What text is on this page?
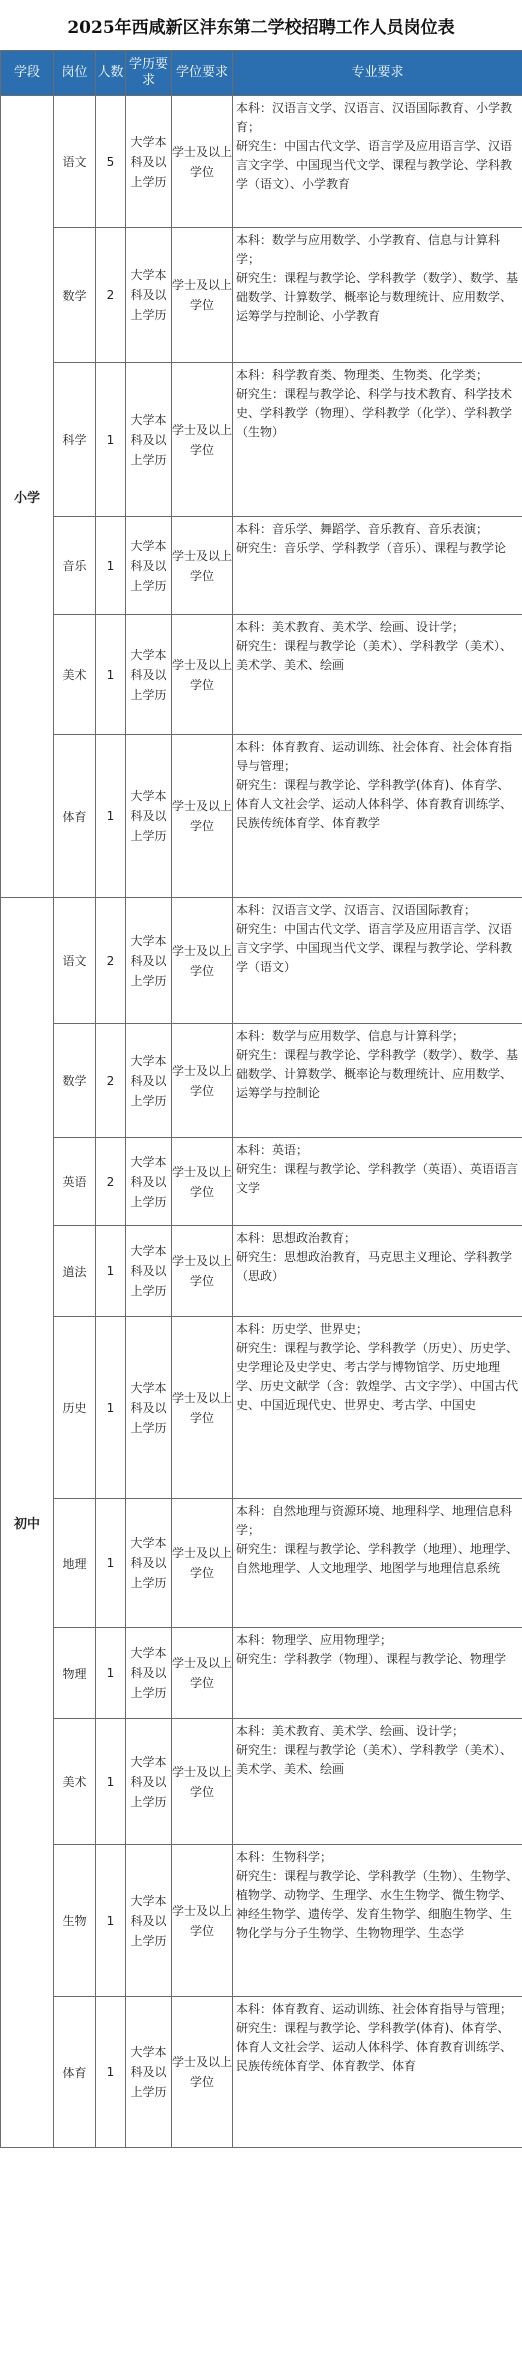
2025年西咸新区沣东第二学校招聘工作人员岗位表
学段	岗位	人数	学历要求	学位要求	专业要求
小学	语文	5	大学本科及以上学历	学士及以上学位	本科：汉语言文学、汉语言、汉语国际教育、小学教育；
研究生：中国古代文学、语言学及应用语言学、汉语言文字学、中国现当代文学、课程与教学论、学科教学（语文）、小学教育

	数学	2	大学本科及以上学历	学士及以上学位	本科：数学与应用数学、小学教育、信息与计算科学；
研究生：课程与教学论、学科教学（数学）、数学、基础数学、计算数学、概率论与数理统计、应用数学、运筹学与控制论、小学教育

	科学	1	大学本科及以上学历	学士及以上学位	本科：科学教育类、物理类、生物类、化学类；
研究生：课程与教学论、科学与技术教育、科学技术史、学科教学（物理）、学科教学（化学）、学科教学（生物）

	音乐	1	大学本科及以上学历	学士及以上学位	本科：音乐学、舞蹈学、音乐教育、音乐表演；
研究生：音乐学、学科教学（音乐）、课程与教学论

	美术	1	大学本科及以上学历	学士及以上学位	本科：美术教育、美术学、绘画、设计学；
研究生：课程与教学论（美术）、学科教学（美术）、美术学、美术、绘画

	体育	1	大学本科及以上学历	学士及以上学位	本科：体育教育、运动训练、社会体育、社会体育指导与管理；
研究生：课程与教学论、学科教学(体育)、体育学、体育人文社会学、运动人体科学、体育教育训练学、民族传统体育学、体育教学

初中	语文	2	大学本科及以上学历	学士及以上学位	本科：汉语言文学、汉语言、汉语国际教育；
研究生：中国古代文学、语言学及应用语言学、汉语言文字学、中国现当代文学、课程与教学论、学科教学（语文）

	数学	2	大学本科及以上学历	学士及以上学位	本科：数学与应用数学、信息与计算科学；
研究生：课程与教学论、学科教学（数学）、数学、基础数学、计算数学、概率论与数理统计、应用数学、运筹学与控制论

	英语	2	大学本科及以上学历	学士及以上学位	本科：英语；
研究生：课程与教学论、学科教学（英语）、英语语言文学

	道法	1	大学本科及以上学历	学士及以上学位	本科：思想政治教育；
研究生：思想政治教育，马克思主义理论、学科教学（思政）

	历史	1	大学本科及以上学历	学士及以上学位	本科：历史学、世界史；
研究生：课程与教学论、学科教学（历史）、历史学、史学理论及史学史、考古学与博物馆学、历史地理学、历史文献学（含：敦煌学、古文字学）、中国古代史、中国近现代史、世界史、考古学、中国史

	地理	1	大学本科及以上学历	学士及以上学位	本科：自然地理与资源环境、地理科学、地理信息科学；
研究生：课程与教学论、学科教学（地理）、地理学、自然地理学、人文地理学、地图学与地理信息系统

	物理	1	大学本科及以上学历	学士及以上学位	本科：物理学、应用物理学；
研究生：学科教学（物理）、课程与教学论、物理学

	美术	1	大学本科及以上学历	学士及以上学位	本科：美术教育、美术学、绘画、设计学；
研究生：课程与教学论（美术）、学科教学（美术）、美术学、美术、绘画

	生物	1	大学本科及以上学历	学士及以上学位	本科：生物科学；
研究生：课程与教学论、学科教学（生物）、生物学、植物学、动物学、生理学、水生生物学、微生物学、神经生物学、遗传学、发育生物学、细胞生物学、生物化学与分子生物学、生物物理学、生态学

	体育	1	大学本科及以上学历	学士及以上学位	本科：体育教育、运动训练、社会体育指导与管理；
研究生：课程与教学论、学科教学(体育)、体育学、体育人文社会学、运动人体科学、体育教育训练学、民族传统体育学、体育教学、体育
